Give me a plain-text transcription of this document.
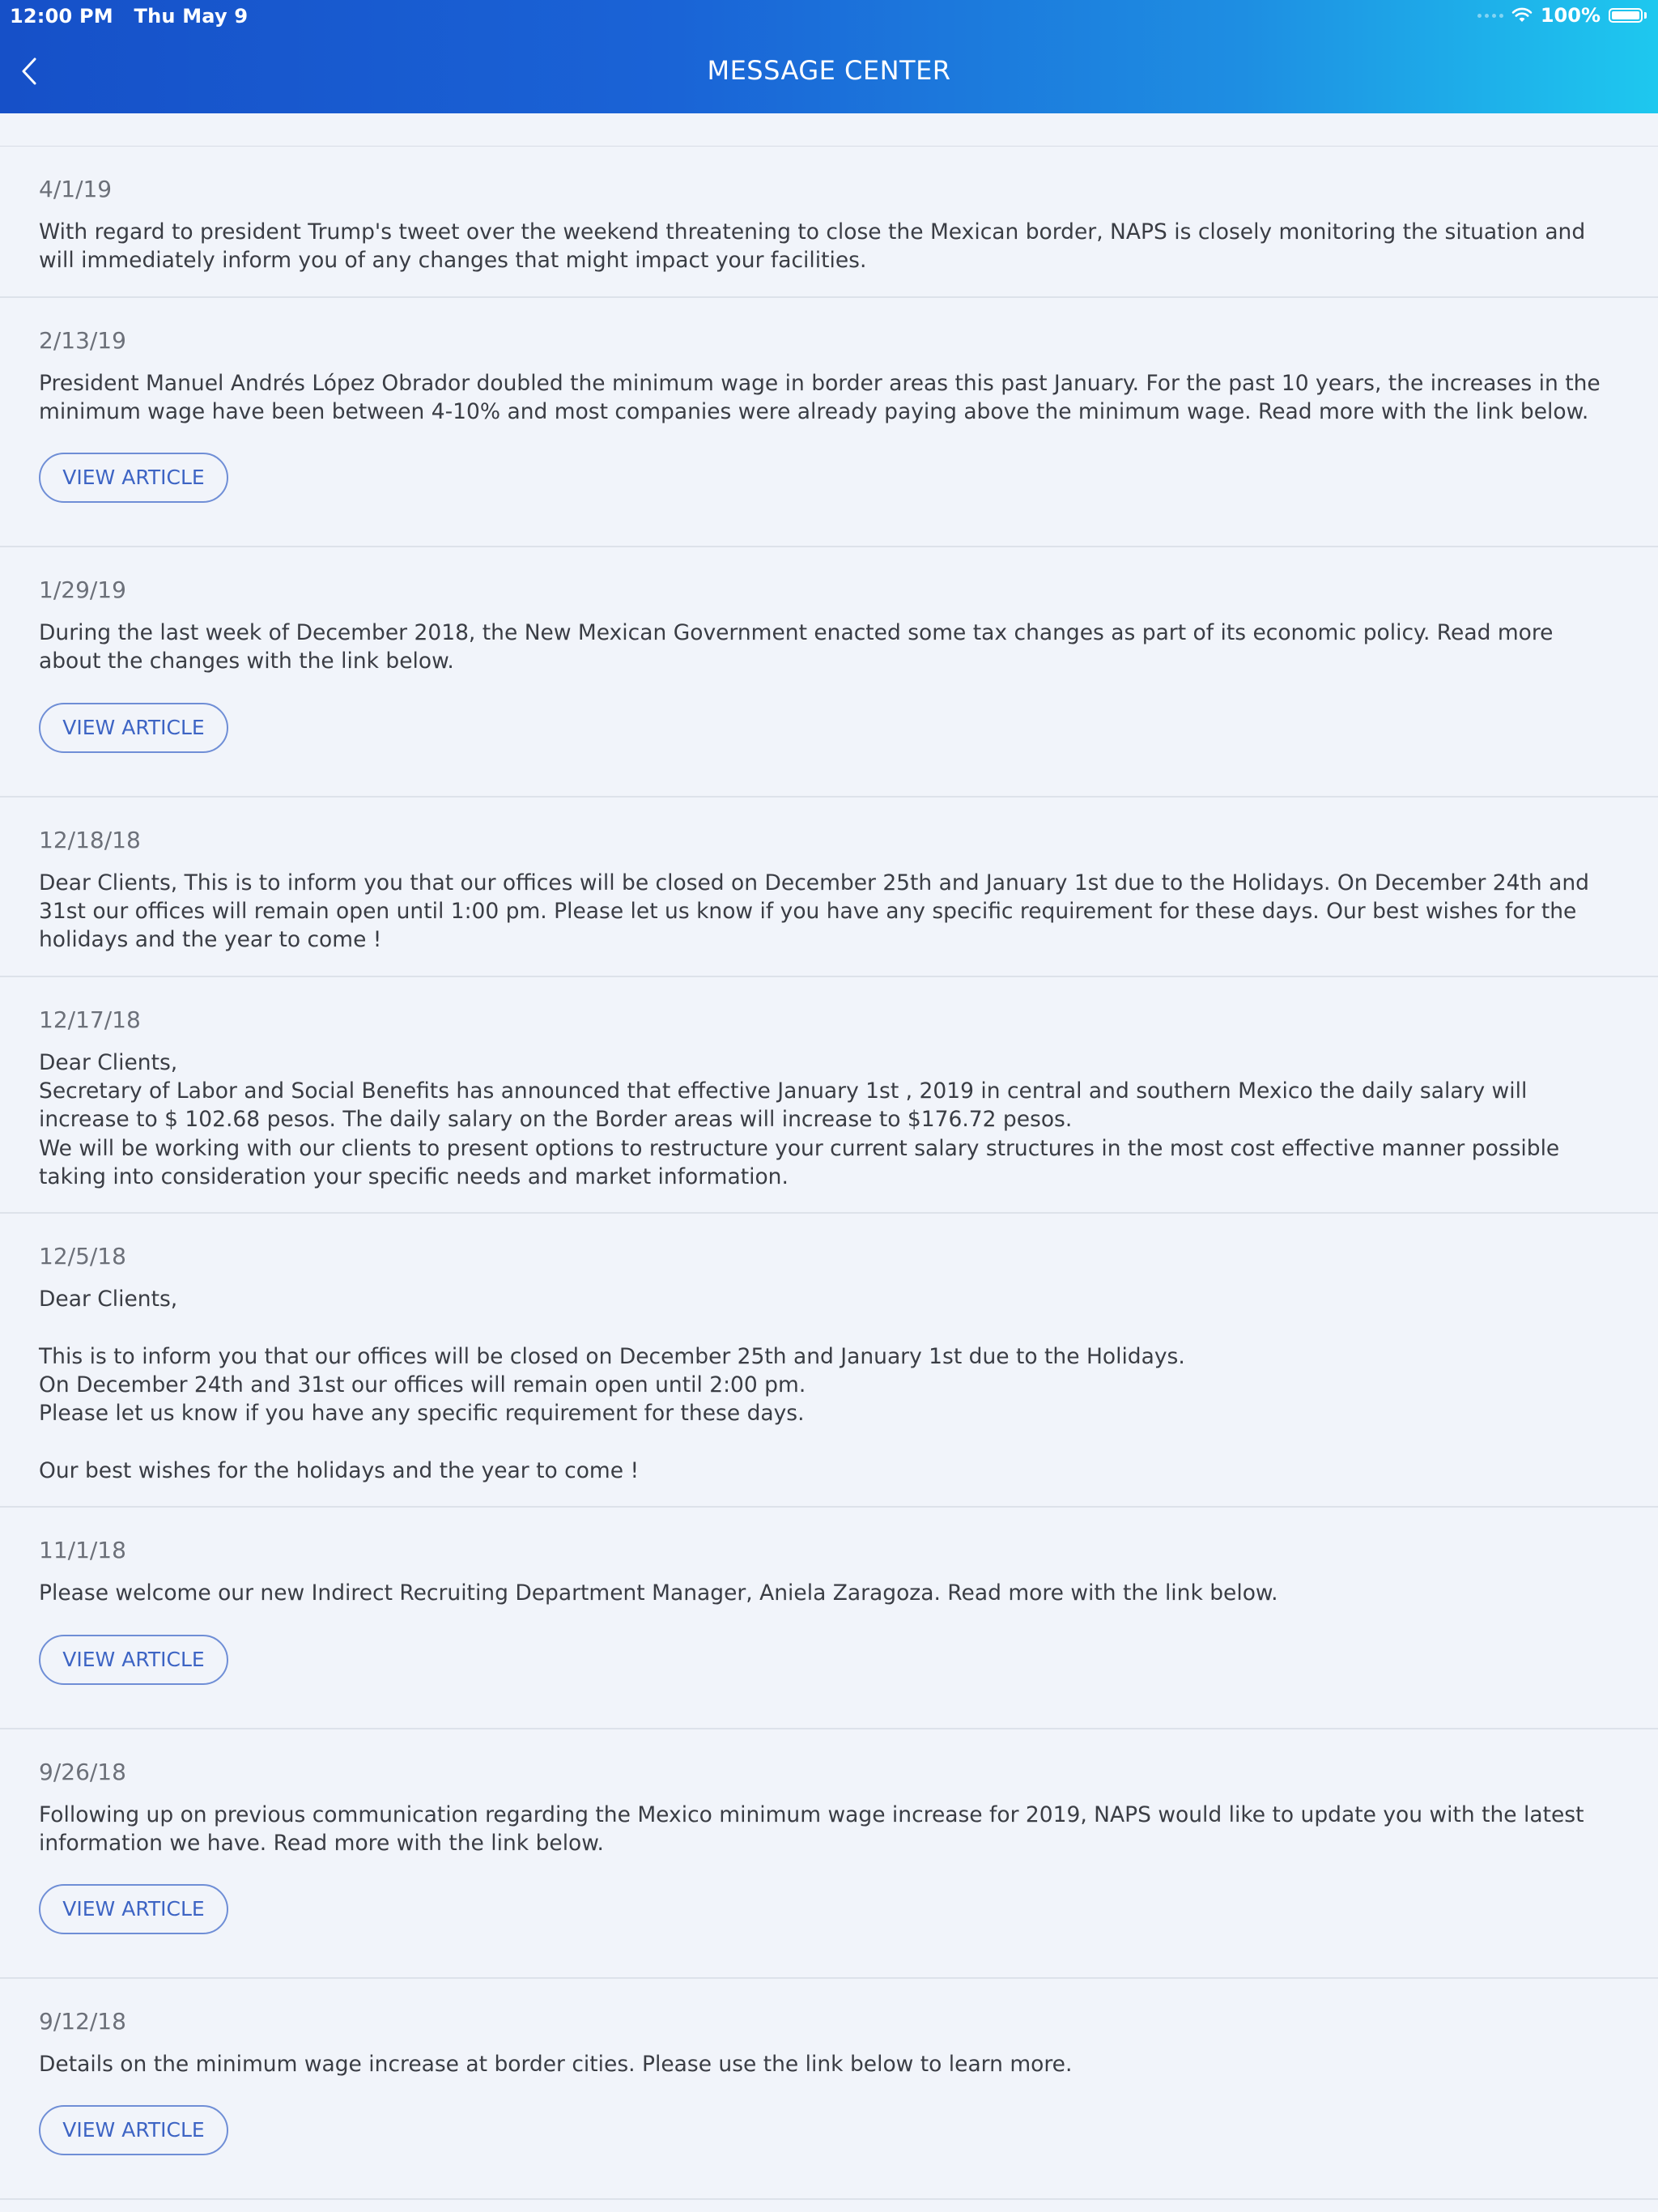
12:00 PM Thu May 9	100%
MESSAGE CENTER
4/1/19
With regard to president Trump's tweet over the weekend threatening to close the Mexican border, NAPS is closely monitoring the situation and will immediately inform you of any changes that might impact your facilities.
2/13/19
President Manuel Andrés López Obrador doubled the minimum wage in border areas this past January. For the past 10 years, the increases in the minimum wage have been between 4-10% and most companies were already paying above the minimum wage. Read more with the link below.
VIEW ARTICLE
1/29/19
During the last week of December 2018, the New Mexican Government enacted some tax changes as part of its economic policy. Read more about the changes with the link below.
VIEW ARTICLE
12/18/18
Dear Clients, This is to inform you that our offices will be closed on December 25th and January 1st due to the Holidays. On December 24th and 31st our offices will remain open until 1:00 pm. Please let us know if you have any specific requirement for these days. Our best wishes for the holidays and the year to come !
12/17/18
Dear Clients,
Secretary of Labor and Social Benefits has announced that effective January 1st , 2019 in central and southern Mexico the daily salary will increase to $ 102.68 pesos. The daily salary on the Border areas will increase to $176.72 pesos.
We will be working with our clients to present options to restructure your current salary structures in the most cost effective manner possible taking into consideration your specific needs and market information.
12/5/18
Dear Clients,

This is to inform you that our offices will be closed on December 25th and January 1st due to the Holidays.
On December 24th and 31st our offices will remain open until 2:00 pm.
Please let us know if you have any specific requirement for these days.

Our best wishes for the holidays and the year to come !
11/1/18
Please welcome our new Indirect Recruiting Department Manager, Aniela Zaragoza. Read more with the link below.
VIEW ARTICLE
9/26/18
Following up on previous communication regarding the Mexico minimum wage increase for 2019, NAPS would like to update you with the latest information we have. Read more with the link below.
VIEW ARTICLE
9/12/18
Details on the minimum wage increase at border cities. Please use the link below to learn more.
VIEW ARTICLE
